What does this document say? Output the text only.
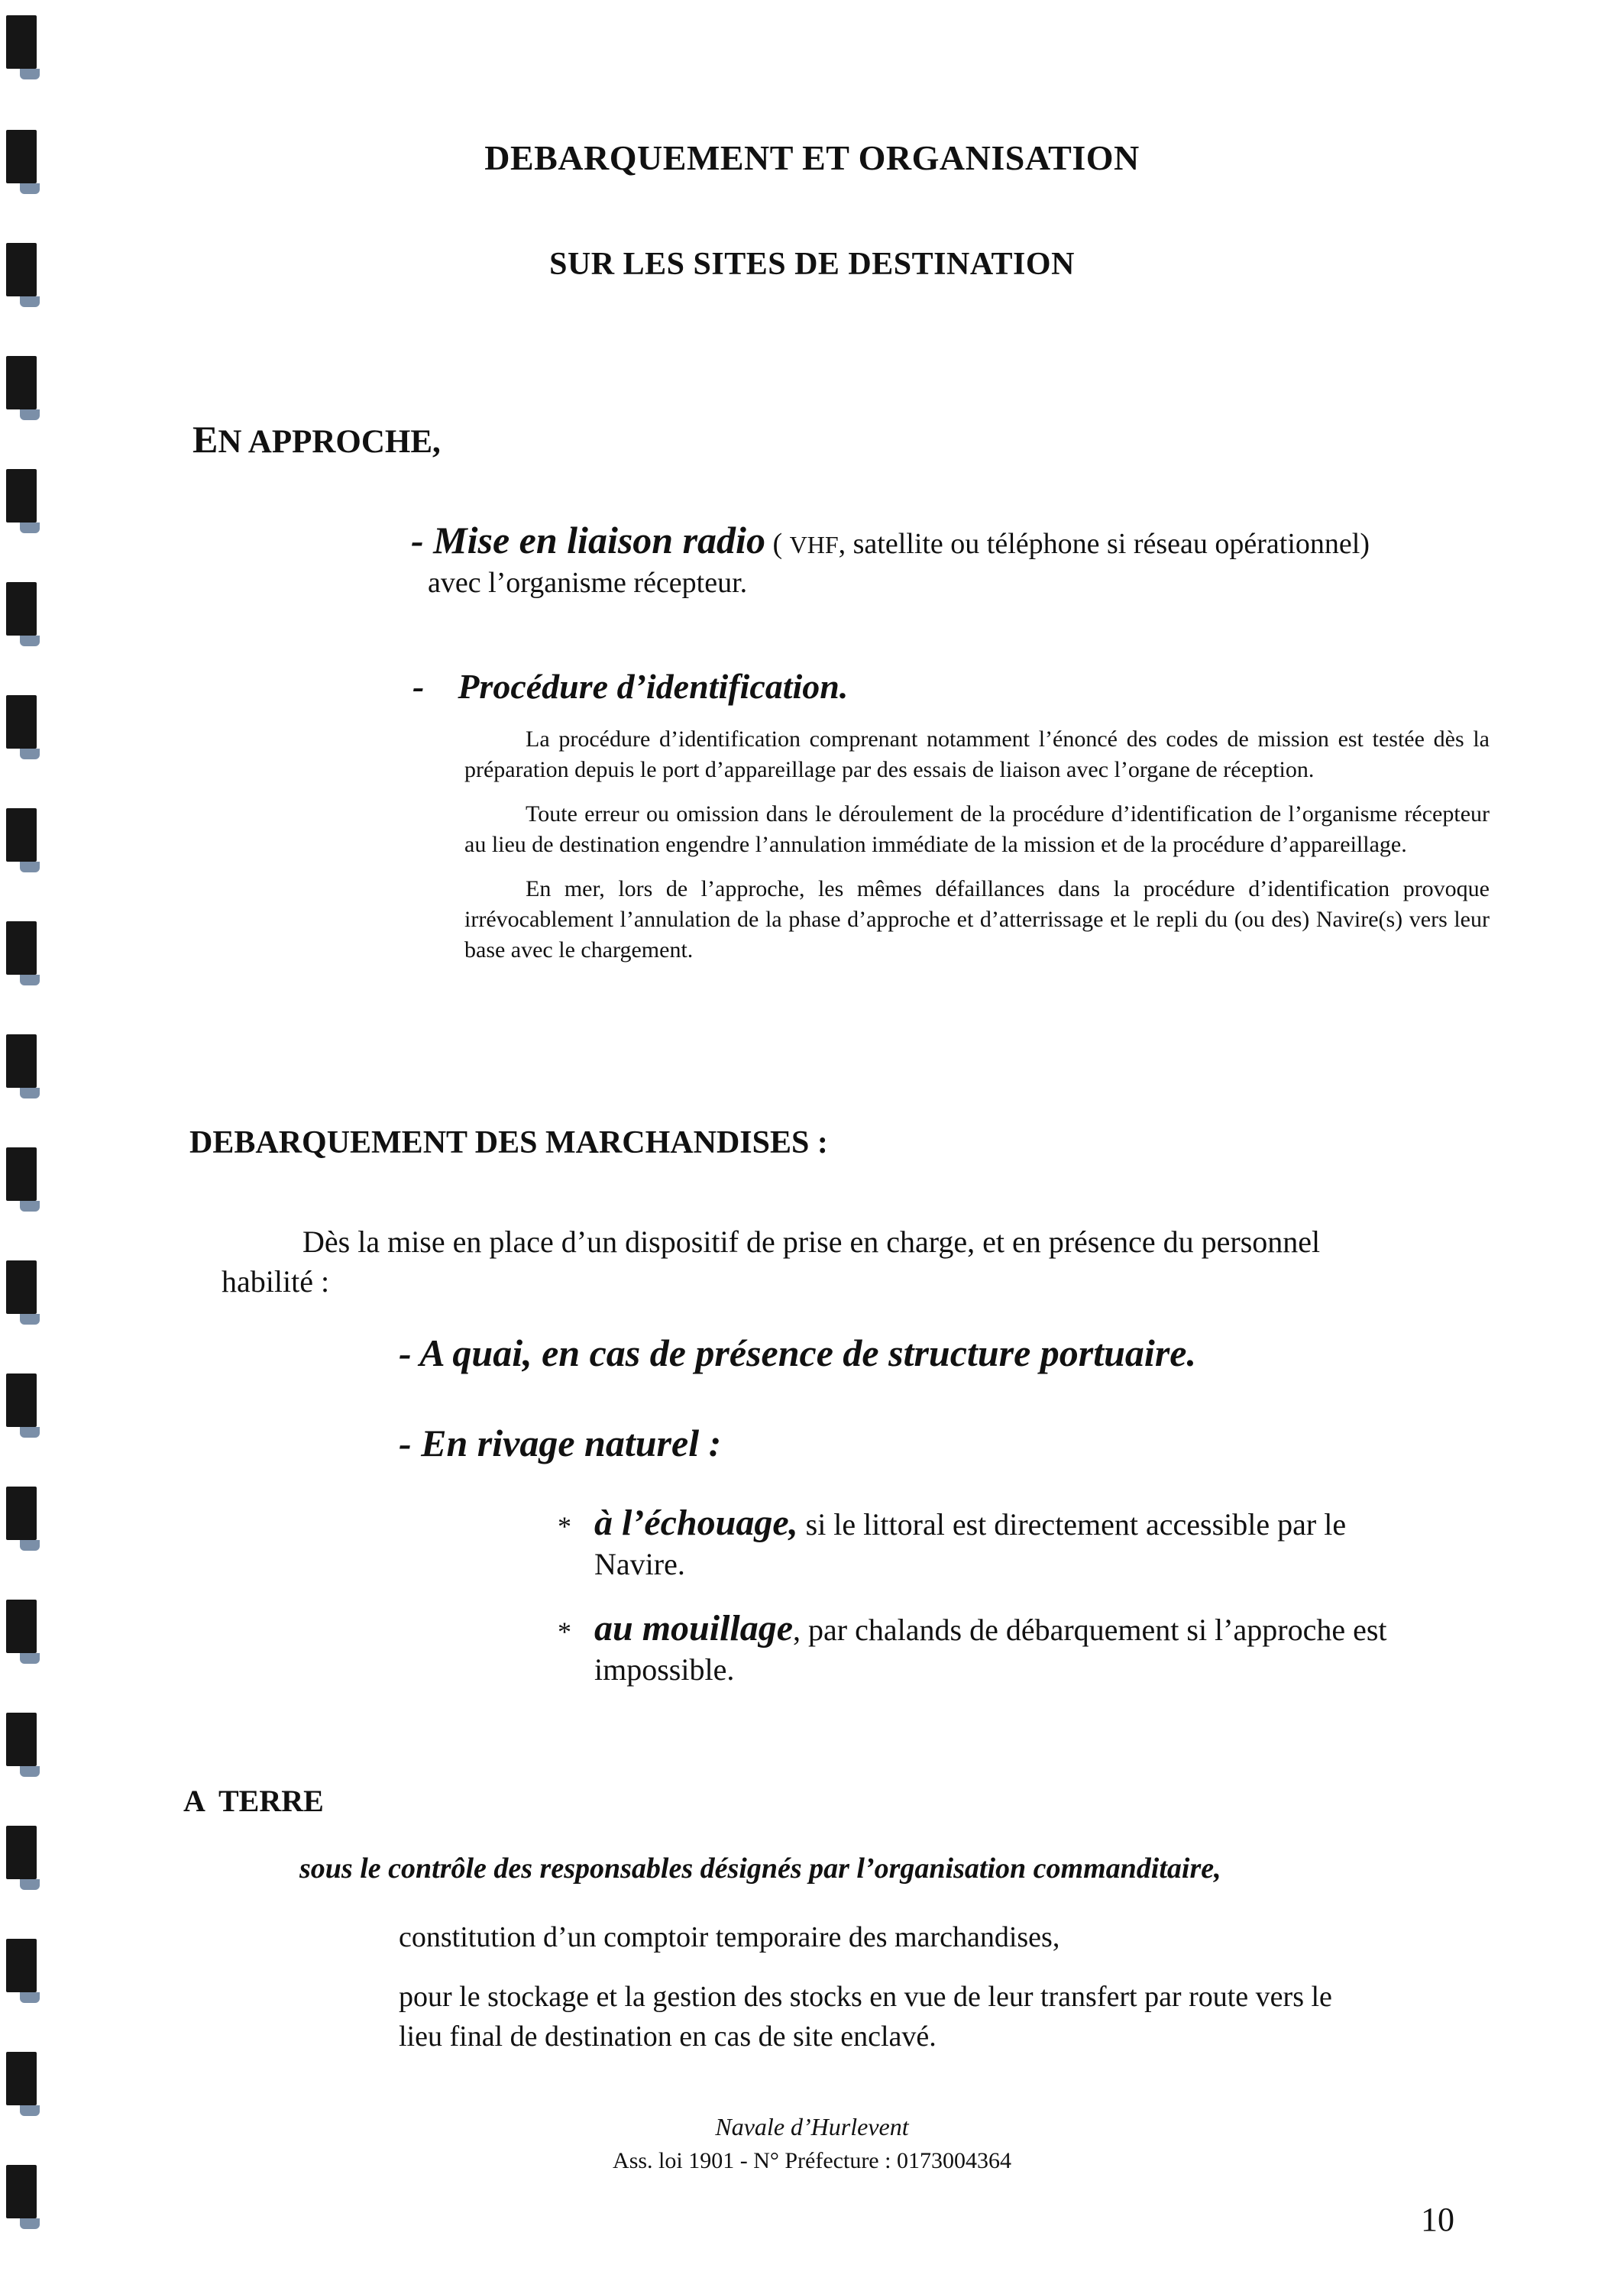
DEBARQUEMENT ET ORGANISATION
SUR LES SITES DE DESTINATION
EN APPROCHE,
- Mise en liaison radio ( VHF, satellite ou téléphone si réseau opérationnel)
avec l’organisme récepteur.
- Procédure d’identification.

La procédure d’identification comprenant notamment l’énoncé des codes de mission est testée dès la préparation depuis le port d’appareillage par des essais de liaison avec l’organe de réception.

Toute erreur ou omission dans le déroulement de la procédure d’identification de l’organisme récepteur au lieu de destination engendre l’annulation immédiate de la mission et de la procédure d’appareillage.

En mer, lors de l’approche, les mêmes défaillances dans la procédure d’identification provoque irrévocablement l’annulation de la phase d’approche et d’atterrissage et le repli du (ou des) Navire(s) vers leur base avec le chargement.

DEBARQUEMENT DES MARCHANDISES :
Dès la mise en place d’un dispositif de prise en charge, et en présence du personnel
habilité :
- A quai, en cas de présence de structure portuaire.
- En rivage naturel :
* à l’échouage, si le littoral est directement accessible par le
Navire.
* au mouillage, par chalands de débarquement si l’approche est
impossible.
A  TERRE
sous le contrôle des responsables désignés par l’organisation commanditaire,
constitution d’un comptoir temporaire des marchandises,
pour le stockage et la gestion des stocks en vue de leur transfert par route vers le
lieu final de destination en cas de site enclavé.
Navale d’Hurlevent
Ass. loi 1901 - N° Préfecture : 0173004364
10
